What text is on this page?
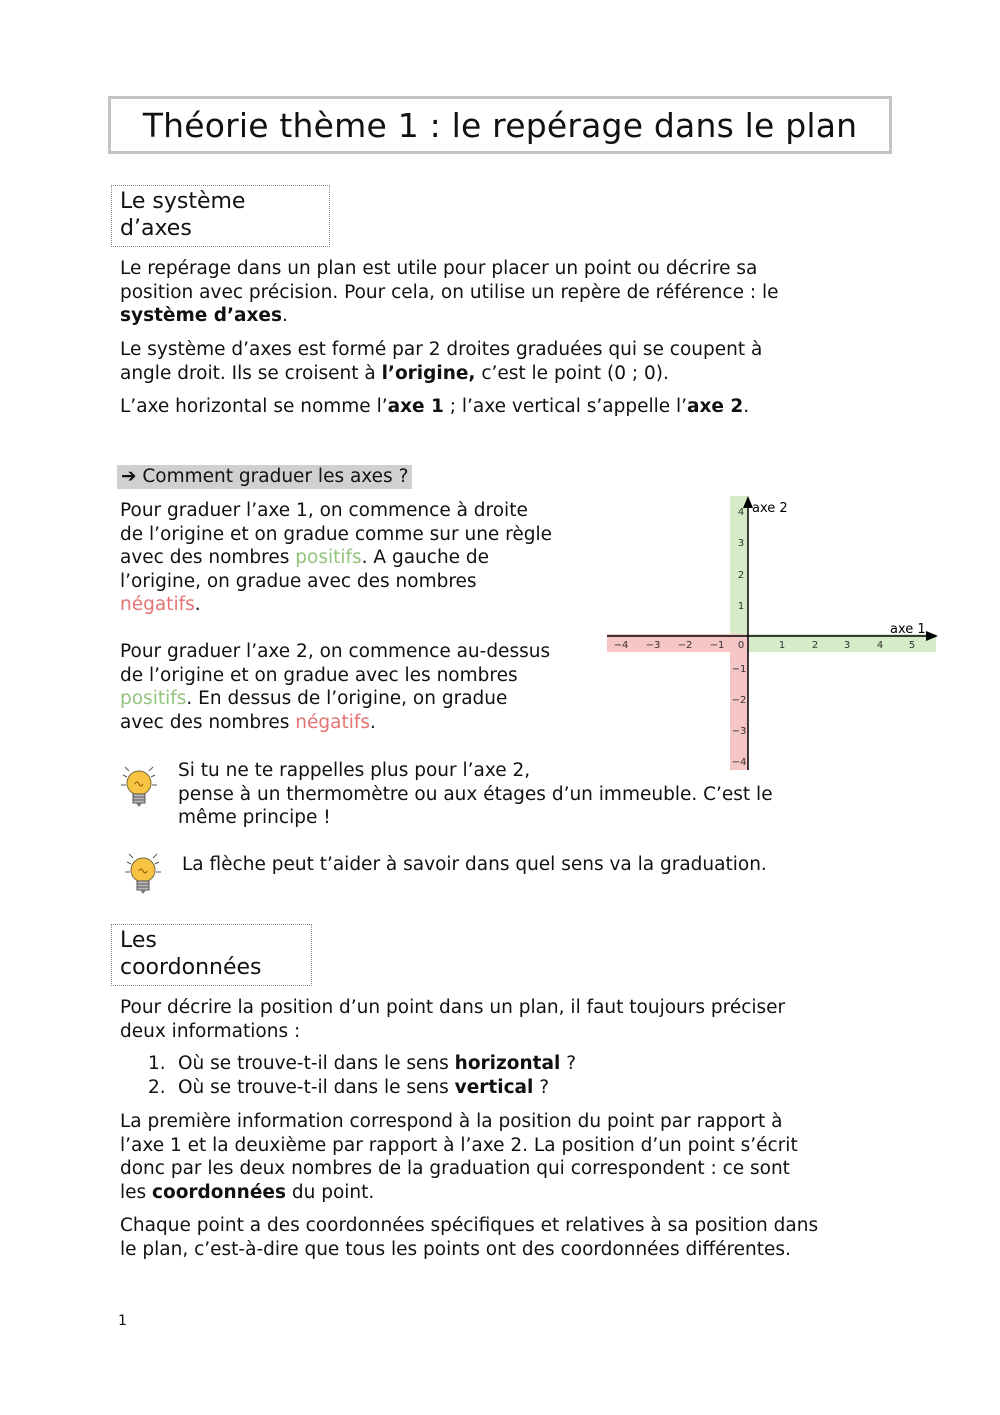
Théorie thème 1 : le repérage dans le plan
Le système
d’axes
Le repérage dans un plan est utile pour placer un point ou décrire sa
position avec précision. Pour cela, on utilise un repère de référence : le
système d’axes.
Le système d’axes est formé par 2 droites graduées qui se coupent à
angle droit. Ils se croisent à l’origine, c’est le point (0 ; 0).
L’axe horizontal se nomme l’axe 1 ; l’axe vertical s’appelle l’axe 2.
➔ Comment graduer les axes ?
Pour graduer l’axe 1, on commence à droite
de l’origine et on gradue comme sur une règle
avec des nombres positifs. A gauche de
l’origine, on gradue avec des nombres
négatifs.
Pour graduer l’axe 2, on commence au-dessus
de l’origine et on gradue avec les nombres
positifs. En dessus de l’origine, on gradue
avec des nombres négatifs.
axe 2
axe 1
−4 −3 −2 −1 0	1	2	3	4	5
4
3
2
1
−1
−2
−3
−4
Si tu ne te rappelles plus pour l’axe 2,
pense à un thermomètre ou aux étages d’un immeuble. C’est le
même principe !
La flèche peut t’aider à savoir dans quel sens va la graduation.
Les
coordonnées
Pour décrire la position d’un point dans un plan, il faut toujours préciser
deux informations :
1. Où se trouve-t-il dans le sens horizontal ?
2. Où se trouve-t-il dans le sens vertical ?
La première information correspond à la position du point par rapport à
l’axe 1 et la deuxième par rapport à l’axe 2. La position d’un point s’écrit
donc par les deux nombres de la graduation qui correspondent : ce sont
les coordonnées du point.
Chaque point a des coordonnées spécifiques et relatives à sa position dans
le plan, c’est-à-dire que tous les points ont des coordonnées différentes.
1
